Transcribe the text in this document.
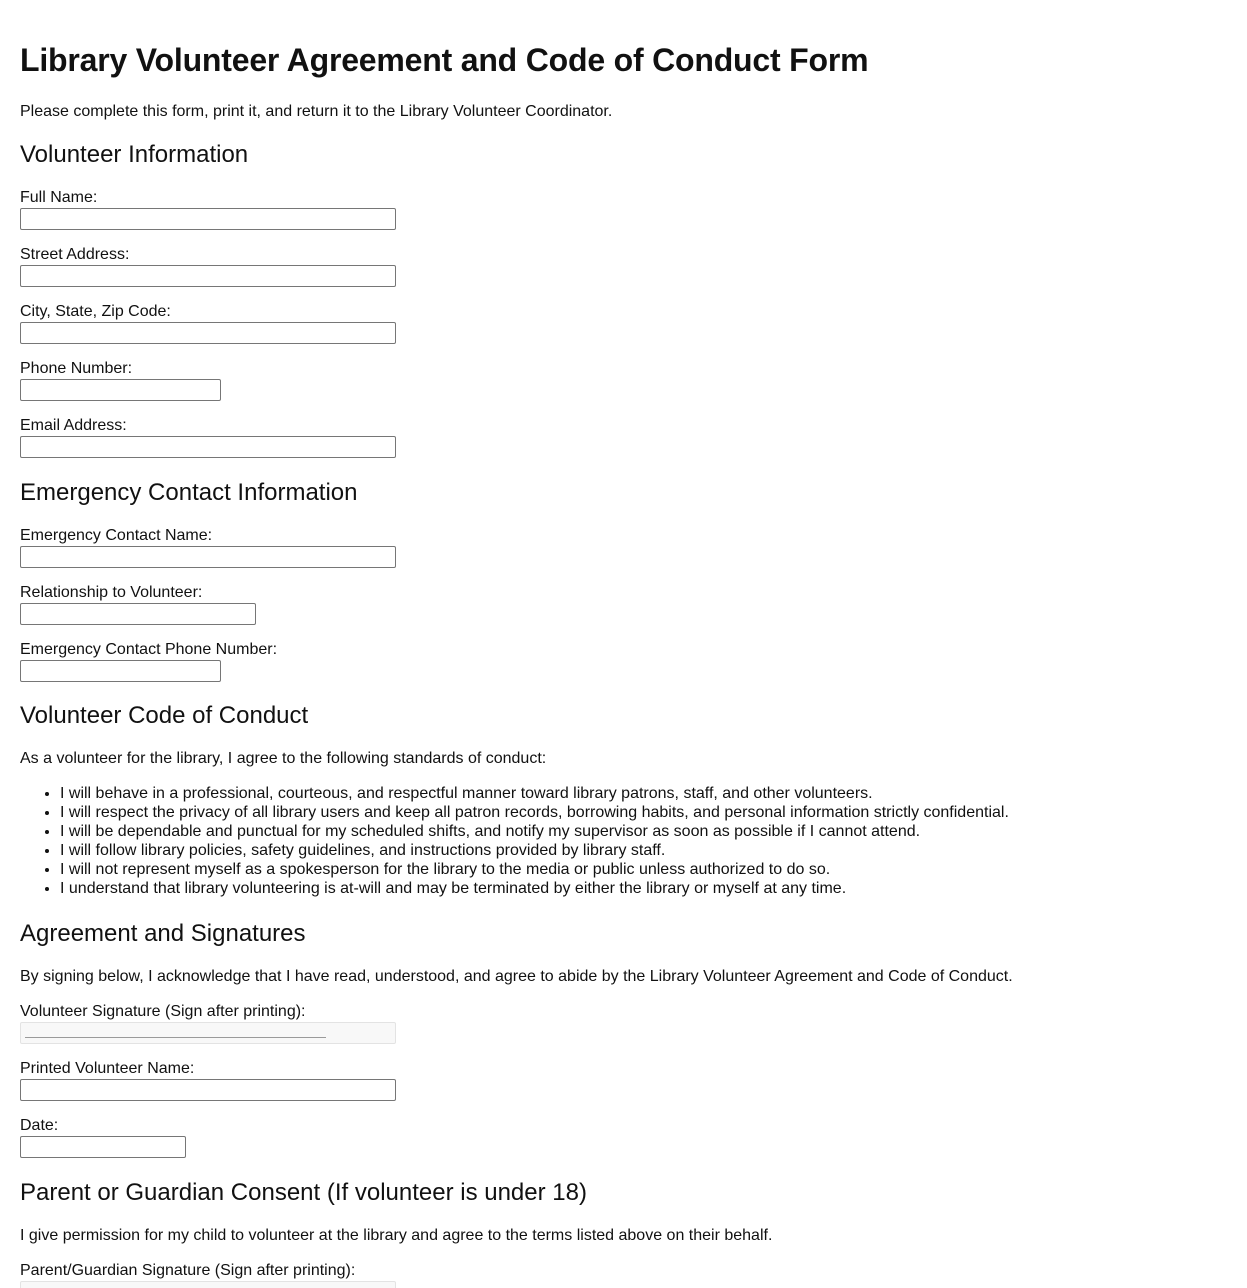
Library Volunteer Agreement and Code of Conduct Form

Please complete this form, print it, and return it to the Library Volunteer Coordinator.

Volunteer Information
Full Name:
Street Address:
City, State, Zip Code:
Phone Number:
Email Address:
Emergency Contact Information
Emergency Contact Name:
Relationship to Volunteer:
Emergency Contact Phone Number:
Volunteer Code of Conduct

As a volunteer for the library, I agree to the following standards of conduct:

• I will behave in a professional, courteous, and respectful manner toward library patrons, staff, and other volunteers.
• I will respect the privacy of all library users and keep all patron records, borrowing habits, and personal information strictly confidential.
• I will be dependable and punctual for my scheduled shifts, and notify my supervisor as soon as possible if I cannot attend.
• I will follow library policies, safety guidelines, and instructions provided by library staff.
• I will not represent myself as a spokesperson for the library to the media or public unless authorized to do so.
• I understand that library volunteering is at-will and may be terminated by either the library or myself at any time.
Agreement and Signatures

By signing below, I acknowledge that I have read, understood, and agree to abide by the Library Volunteer Agreement and Code of Conduct.

Volunteer Signature (Sign after printing):
Printed Volunteer Name:
Date:
Parent or Guardian Consent (If volunteer is under 18)

I give permission for my child to volunteer at the library and agree to the terms listed above on their behalf.

Parent/Guardian Signature (Sign after printing):
